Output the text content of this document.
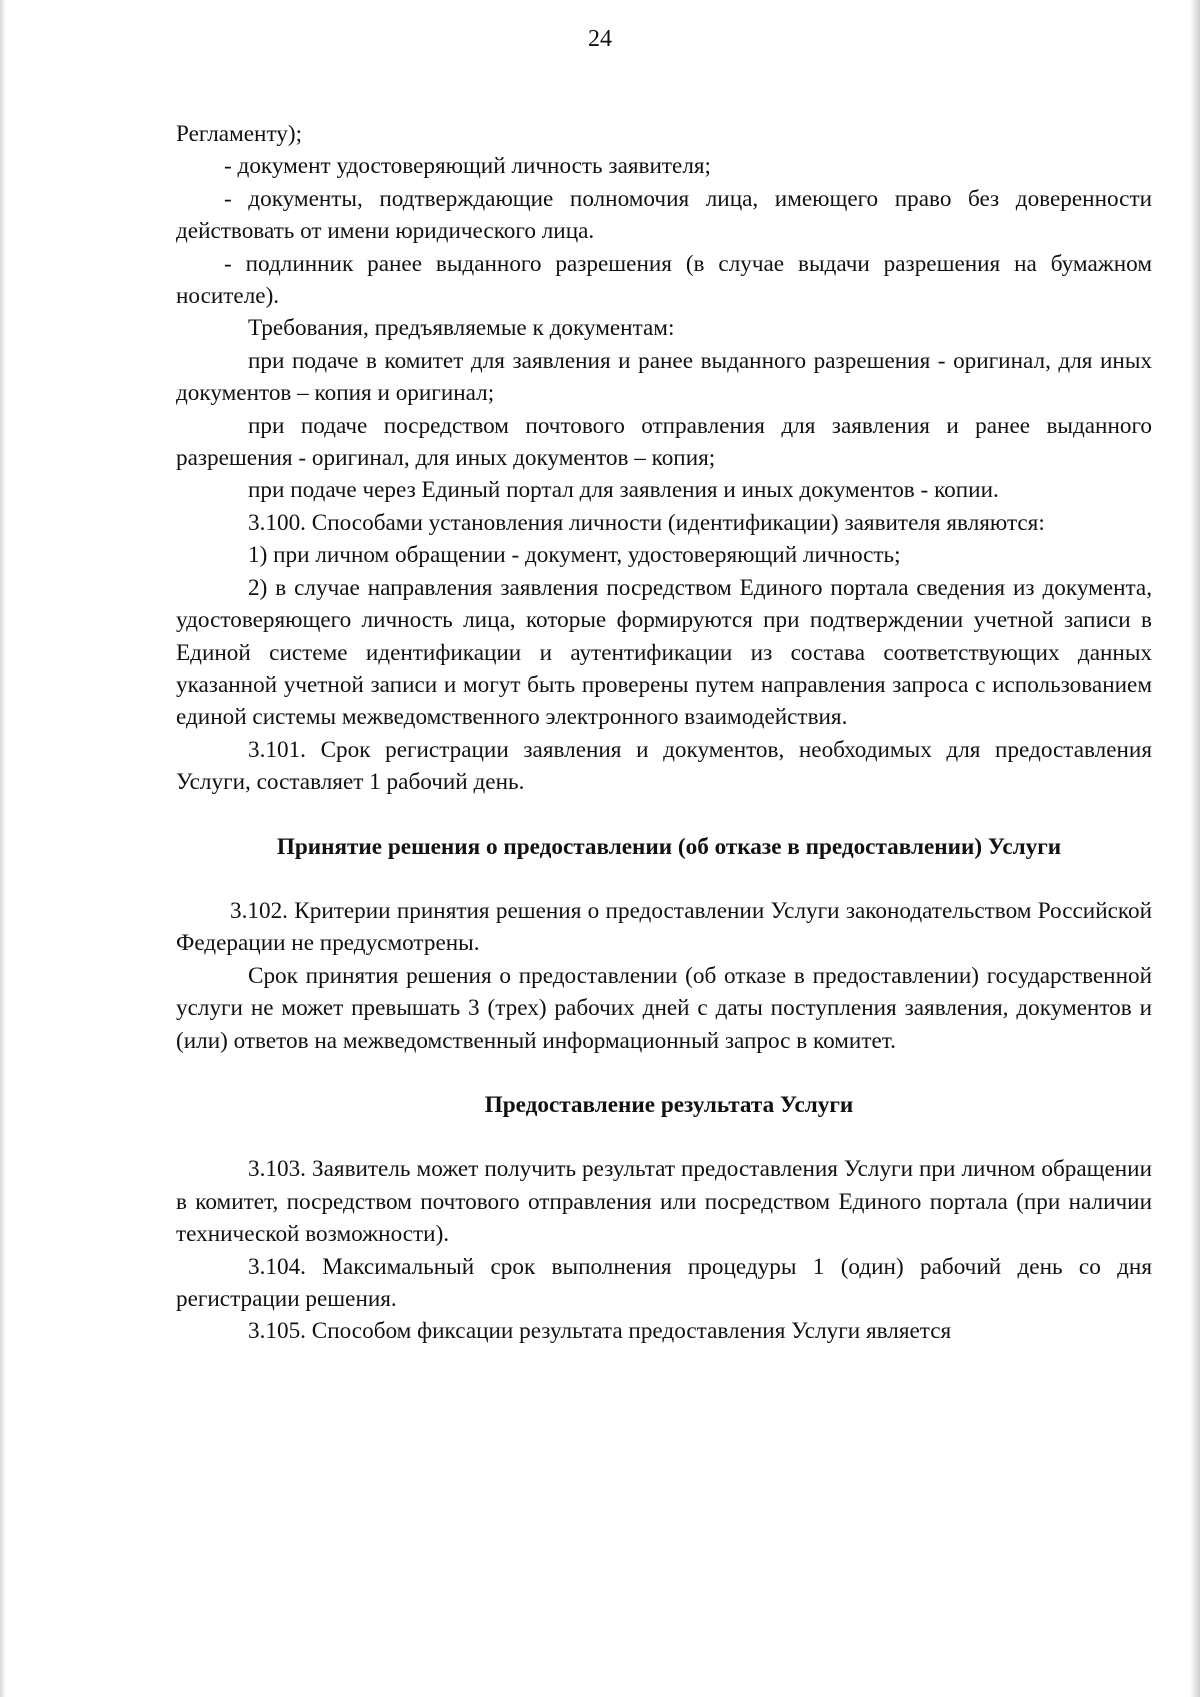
24

Регламенту);

- документ удостоверяющий личность заявителя;

- документы, подтверждающие полномочия лица, имеющего право без доверенности действовать от имени юридического лица.

- подлинник ранее выданного разрешения (в случае выдачи разрешения на бумажном носителе).

Требования, предъявляемые к документам:

при подаче в комитет для заявления и ранее выданного разрешения - оригинал, для иных документов – копия и оригинал;

при подаче посредством почтового отправления для заявления и ранее выданного разрешения - оригинал, для иных документов – копия;

при подаче через Единый портал для заявления и иных документов - копии.

3.100. Способами установления личности (идентификации) заявителя являются:

1) при личном обращении - документ, удостоверяющий личность;

2) в случае направления заявления посредством Единого портала сведения из документа, удостоверяющего личность лица, которые формируются при подтверждении учетной записи в Единой системе идентификации и аутентификации из состава соответствующих данных указанной учетной записи и могут быть проверены путем направления запроса с использованием единой системы межведомственного электронного взаимодействия.

3.101. Срок регистрации заявления и документов, необходимых для предоставления Услуги, составляет 1 рабочий день.

Принятие решения о предоставлении (об отказе в предоставлении) Услуги

3.102. Критерии принятия решения о предоставлении Услуги законодательством Российской Федерации не предусмотрены.

Срок принятия решения о предоставлении (об отказе в предоставлении) государственной услуги не может превышать 3 (трех) рабочих дней с даты поступления заявления, документов и (или) ответов на межведомственный информационный запрос в комитет.

Предоставление результата Услуги

3.103. Заявитель может получить результат предоставления Услуги при личном обращении в комитет, посредством почтового отправления или посредством Единого портала (при наличии технической возможности).

3.104. Максимальный срок выполнения процедуры 1 (один) рабочий день со дня регистрации решения.

3.105. Способом фиксации результата предоставления Услуги является
